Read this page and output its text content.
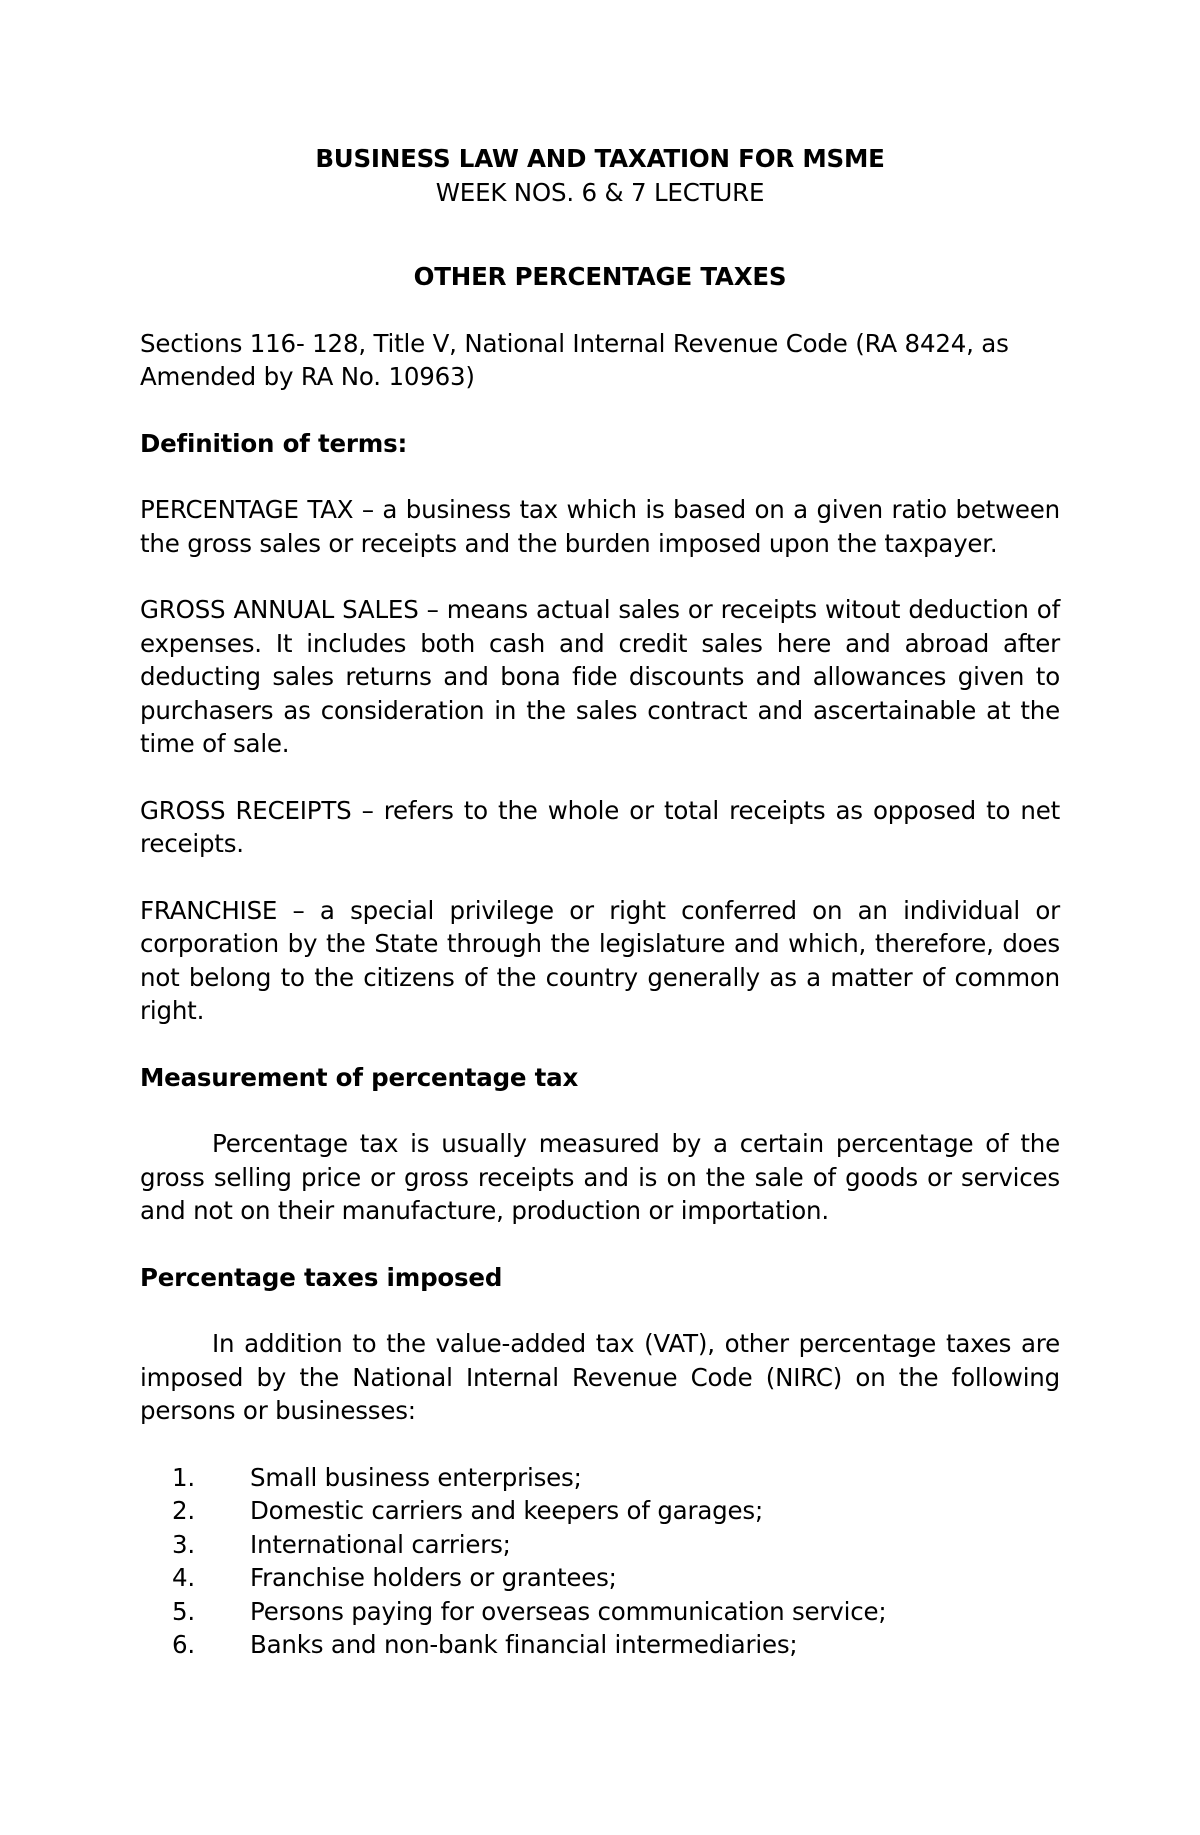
BUSINESS LAW AND TAXATION FOR MSME

WEEK NOS. 6 & 7 LECTURE

OTHER PERCENTAGE TAXES

Sections 116- 128, Title V, National Internal Revenue Code (RA 8424, as Amended by RA No. 10963)

Definition of terms:

PERCENTAGE TAX – a business tax which is based on a given ratio between the gross sales or receipts and the burden imposed upon the taxpayer.

GROSS ANNUAL SALES – means actual sales or receipts witout deduction of expenses. It includes both cash and credit sales here and abroad after deducting sales returns and bona fide discounts and allowances given to purchasers as consideration in the sales contract and ascertainable at the time of sale.

GROSS RECEIPTS – refers to the whole or total receipts as opposed to net receipts.

FRANCHISE – a special privilege or right conferred on an individual or corporation by the State through the legislature and which, therefore, does not belong to the citizens of the country generally as a matter of common right.

Measurement of percentage tax

Percentage tax is usually measured by a certain percentage of the gross selling price or gross receipts and is on the sale of goods or services and not on their manufacture, production or importation.

Percentage taxes imposed

In addition to the value-added tax (VAT), other percentage taxes are imposed by the National Internal Revenue Code (NIRC) on the following persons or businesses:

1.	Small business enterprises;
2.	Domestic carriers and keepers of garages;
3.	International carriers;
4.	Franchise holders or grantees;
5.	Persons paying for overseas communication service;
6.	Banks and non-bank financial intermediaries;
